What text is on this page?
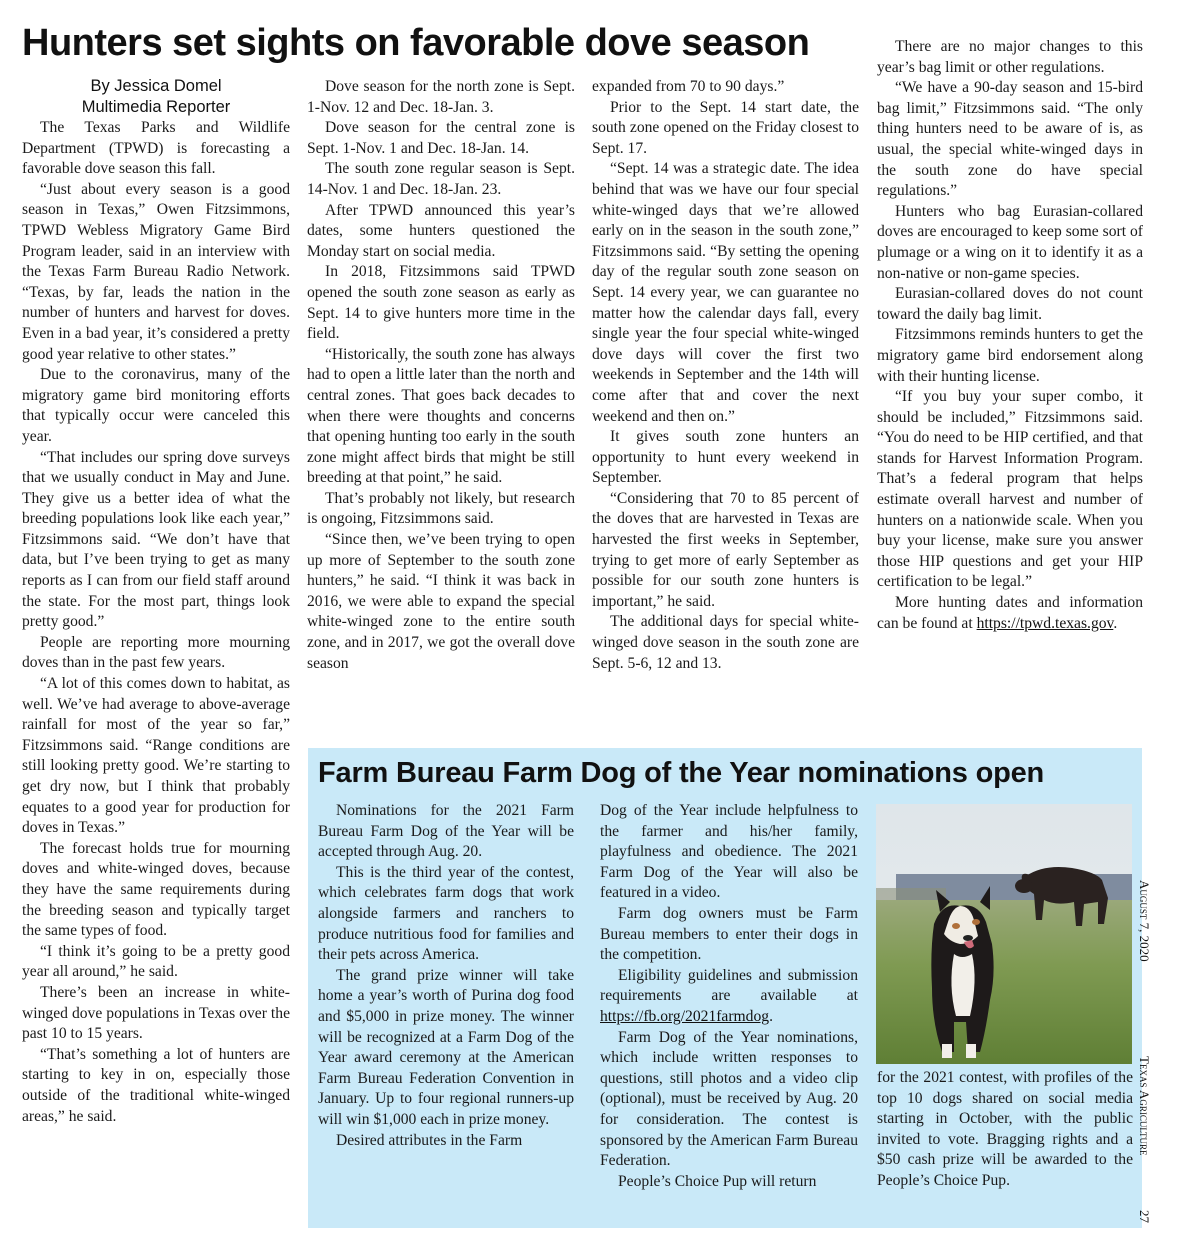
Hunters set sights on favorable dove season
By Jessica Domel
Multimedia Reporter

The Texas Parks and Wildlife Department (TPWD) is forecasting a favorable dove season this fall.

“Just about every season is a good season in Texas,” Owen Fitzsimmons, TPWD Webless Migratory Game Bird Program leader, said in an interview with the Texas Farm Bureau Radio Network. “Texas, by far, leads the nation in the number of hunters and harvest for doves. Even in a bad year, it’s considered a pretty good year relative to other states.”

Due to the coronavirus, many of the migratory game bird monitoring efforts that typically occur were canceled this year.

“That includes our spring dove surveys that we usually conduct in May and June. They give us a better idea of what the breeding populations look like each year,” Fitzsimmons said. “We don’t have that data, but I’ve been trying to get as many reports as I can from our field staff around the state. For the most part, things look pretty good.”

People are reporting more mourning doves than in the past few years.

“A lot of this comes down to habitat, as well. We’ve had average to above-average rainfall for most of the year so far,” Fitzsimmons said. “Range conditions are still looking pretty good. We’re starting to get dry now, but I think that probably equates to a good year for production for doves in Texas.”

The forecast holds true for mourning doves and white-winged doves, because they have the same requirements during the breeding season and typically target the same types of food.

“I think it’s going to be a pretty good year all around,” he said.

There’s been an increase in white-winged dove populations in Texas over the past 10 to 15 years.

“That’s something a lot of hunters are starting to key in on, especially those outside of the traditional white-winged areas,” he said.

Dove season for the north zone is Sept. 1-Nov. 12 and Dec. 18-Jan. 3.

Dove season for the central zone is Sept. 1-Nov. 1 and Dec. 18-Jan. 14.

The south zone regular season is Sept. 14-Nov. 1 and Dec. 18-Jan. 23.

After TPWD announced this year’s dates, some hunters questioned the Monday start on social media.

In 2018, Fitzsimmons said TPWD opened the south zone season as early as Sept. 14 to give hunters more time in the field.

“Historically, the south zone has always had to open a little later than the north and central zones. That goes back decades to when there were thoughts and concerns that opening hunting too early in the south zone might affect birds that might be still breeding at that point,” he said.

That’s probably not likely, but research is ongoing, Fitzsimmons said.

“Since then, we’ve been trying to open up more of September to the south zone hunters,” he said. “I think it was back in 2016, we were able to expand the special white-winged zone to the entire south zone, and in 2017, we got the overall dove season

expanded from 70 to 90 days.”

Prior to the Sept. 14 start date, the south zone opened on the Friday closest to Sept. 17.

“Sept. 14 was a strategic date. The idea behind that was we have our four special white-winged days that we’re allowed early on in the season in the south zone,” Fitzsimmons said. “By setting the opening day of the regular south zone season on Sept. 14 every year, we can guarantee no matter how the calendar days fall, every single year the four special white-winged dove days will cover the first two weekends in September and the 14th will come after that and cover the next weekend and then on.”

It gives south zone hunters an opportunity to hunt every weekend in September.

“Considering that 70 to 85 percent of the doves that are harvested in Texas are harvested the first weeks in September, trying to get more of early September as possible for our south zone hunters is important,” he said.

The additional days for special white-winged dove season in the south zone are Sept. 5-6, 12 and 13.

There are no major changes to this year’s bag limit or other regulations.

“We have a 90-day season and 15-bird bag limit,” Fitzsimmons said. “The only thing hunters need to be aware of is, as usual, the special white-winged days in the south zone do have special regulations.”

Hunters who bag Eurasian-collared doves are encouraged to keep some sort of plumage or a wing on it to identify it as a non-native or non-game species.

Eurasian-collared doves do not count toward the daily bag limit.

Fitzsimmons reminds hunters to get the migratory game bird endorsement along with their hunting license.

“If you buy your super combo, it should be included,” Fitzsimmons said. “You do need to be HIP certified, and that stands for Harvest Information Program. That’s a federal program that helps estimate overall harvest and number of hunters on a nationwide scale. When you buy your license, make sure you answer those HIP questions and get your HIP certification to be legal.”

More hunting dates and information can be found at https://tpwd.texas.gov.

Farm Bureau Farm Dog of the Year nominations open

Nominations for the 2021 Farm Bureau Farm Dog of the Year will be accepted through Aug. 20.

This is the third year of the contest, which celebrates farm dogs that work alongside farmers and ranchers to produce nutritious food for families and their pets across America.

The grand prize winner will take home a year’s worth of Purina dog food and $5,000 in prize money. The winner will be recognized at a Farm Dog of the Year award ceremony at the American Farm Bureau Federation Convention in January. Up to four regional runners-up will win $1,000 each in prize money.

Desired attributes in the Farm

Dog of the Year include helpfulness to the farmer and his/her family, playfulness and obedience. The 2021 Farm Dog of the Year will also be featured in a video.

Farm dog owners must be Farm Bureau members to enter their dogs in the competition.

Eligibility guidelines and submission requirements are available at https://fb.org/2021farmdog.

Farm Dog of the Year nominations, which include written responses to questions, still photos and a video clip (optional), must be received by Aug. 20 for consideration. The contest is sponsored by the American Farm Bureau Federation.

People’s Choice Pup will return

for the 2021 contest, with profiles of the top 10 dogs shared on social media starting in October, with the public invited to vote. Bragging rights and a $50 cash prize will be awarded to the People’s Choice Pup.

August 7, 2020
Texas Agriculture
27
